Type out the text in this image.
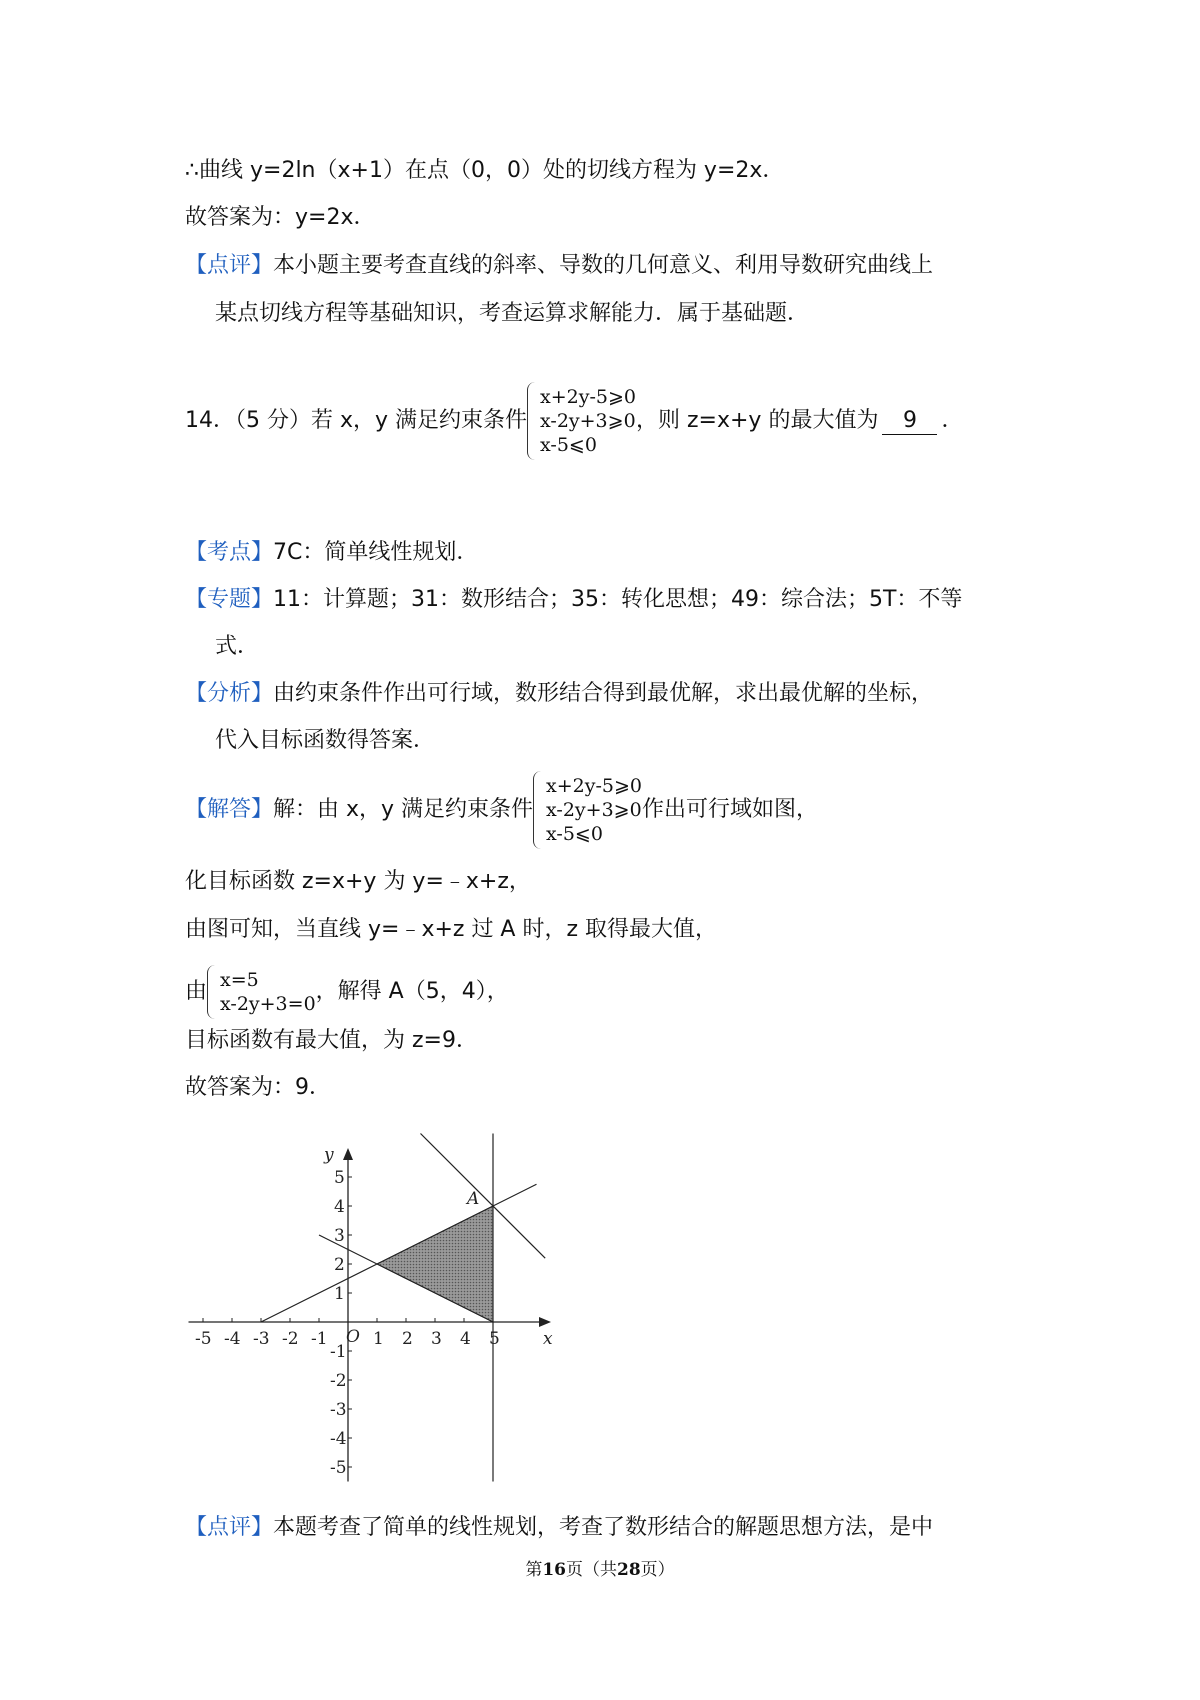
∴曲线 y=2ln（x+1）在点（0，0）处的切线方程为 y=2x．
故答案为：y=2x．
【点评】本小题主要考查直线的斜率、导数的几何意义、利用导数研究曲线上
某点切线方程等基础知识，考查运算求解能力．属于基础题．
14．（5 分）若 x，y 满足约束条件
x+2y-5⩾0
x-2y+3⩾0
x-5⩽0
，则 z=x+y 的最大值为 9 ．
【考点】7C：简单线性规划．
【专题】11：计算题；31：数形结合；35：转化思想；49：综合法；5T：不等
式．
【分析】由约束条件作出可行域，数形结合得到最优解，求出最优解的坐标，
代入目标函数得答案．
【解答】解：由 x，y 满足约束条件
x+2y-5⩾0
x-2y+3⩾0
x-5⩽0
作出可行域如图，
化目标函数 z=x+y 为 y=﹣x+z，
由图可知，当直线 y=﹣x+z 过 A 时，z 取得最大值，
由 x=5
x-2y+3=0 ，解得 A（5，4），
目标函数有最大值，为 z=9．
故答案为：9．
-5 -4 -3 -2 -1	1 2 3 4 5
5
4
3
2
1
-1
-2
-3
-4
-5
O	x
y
A
【点评】本题考查了简单的线性规划，考查了数形结合的解题思想方法，是中
第16页（共28页）
